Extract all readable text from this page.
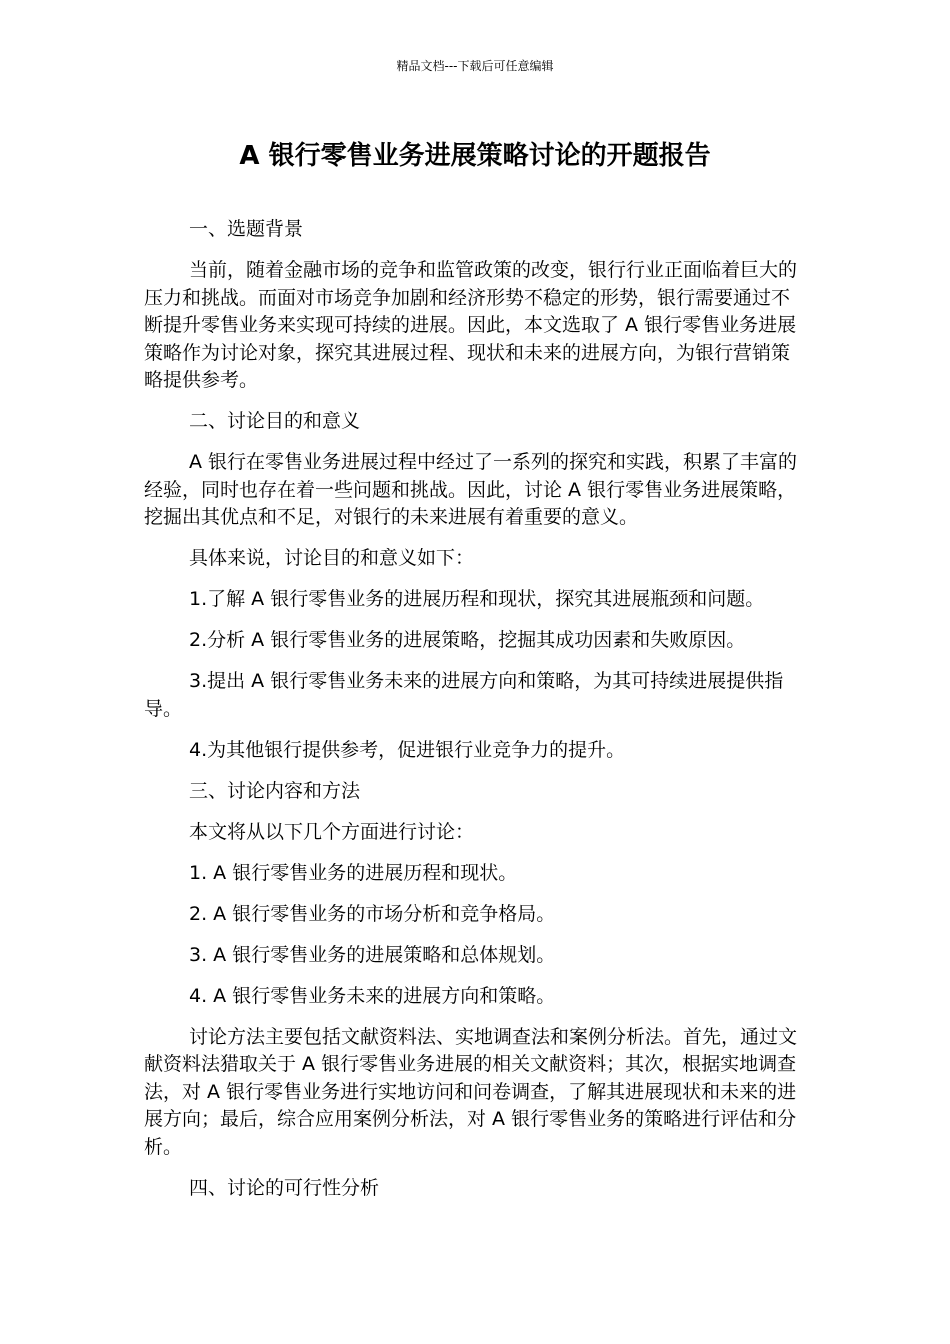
精品文档---下载后可任意编辑
A 银行零售业务进展策略讨论的开题报告

一、选题背景

当前，随着金融市场的竞争和监管政策的改变，银行行业正面临着巨大的压力和挑战。而面对市场竞争加剧和经济形势不稳定的形势，银行需要通过不断提升零售业务来实现可持续的进展。因此，本文选取了 A 银行零售业务进展策略作为讨论对象，探究其进展过程、现状和未来的进展方向，为银行营销策略提供参考。

二、讨论目的和意义

A 银行在零售业务进展过程中经过了一系列的探究和实践，积累了丰富的经验，同时也存在着一些问题和挑战。因此，讨论 A 银行零售业务进展策略，挖掘出其优点和不足，对银行的未来进展有着重要的意义。

具体来说，讨论目的和意义如下：

1.了解 A 银行零售业务的进展历程和现状，探究其进展瓶颈和问题。

2.分析 A 银行零售业务的进展策略，挖掘其成功因素和失败原因。

3.提出 A 银行零售业务未来的进展方向和策略，为其可持续进展提供指导。

4.为其他银行提供参考，促进银行业竞争力的提升。

三、讨论内容和方法

本文将从以下几个方面进行讨论：

1. A 银行零售业务的进展历程和现状。

2. A 银行零售业务的市场分析和竞争格局。

3. A 银行零售业务的进展策略和总体规划。

4. A 银行零售业务未来的进展方向和策略。

讨论方法主要包括文献资料法、实地调查法和案例分析法。首先，通过文献资料法猎取关于 A 银行零售业务进展的相关文献资料；其次，根据实地调查法，对 A 银行零售业务进行实地访问和问卷调查，了解其进展现状和未来的进展方向；最后，综合应用案例分析法，对 A 银行零售业务的策略进行评估和分析。

四、讨论的可行性分析
